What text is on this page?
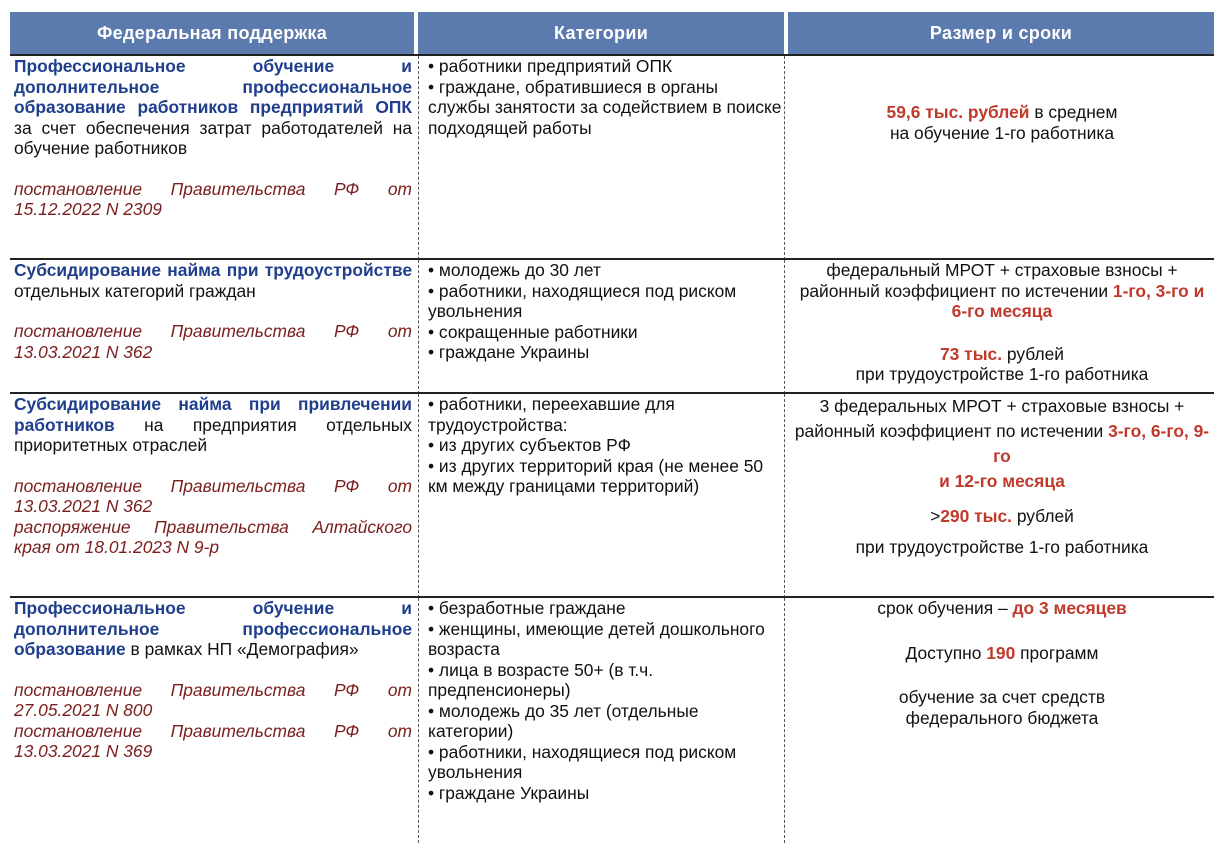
Федеральная поддержка	Категории	Размер и сроки

Профессиональное обучение и дополнительное профессиональное образование работников предприятий ОПК за счет обеспечения затрат работодателей на обучение работников

постановление Правительства РФ от 15.12.2022 N 2309

• работники предприятий ОПК

• граждане, обратившиеся в органы службы занятости за содействием в поиске подходящей работы

59,6 тыс. рублей в среднем

на обучение 1-го работника

Субсидирование найма при трудоустройстве отдельных категорий граждан

постановление Правительства РФ от 13.03.2021 N 362

• молодежь до 30 лет

• работники, находящиеся под риском увольнения

• сокращенные работники

• граждане Украины

федеральный МРОТ + страховые взносы + районный коэффициент по истечении 1-го, 3-го и 6-го месяца

73 тыс. рублей

при трудоустройстве 1-го работника

Субсидирование найма при привлечении работников на предприятия отдельных приоритетных отраслей

постановление Правительства РФ от 13.03.2021 N 362
распоряжение Правительства Алтайского края от 18.01.2023 N 9-р

• работники, переехавшие для трудоустройства:

• из других субъектов РФ

• из других территорий края (не менее 50 км между границами территорий)

3 федеральных МРОТ + страховые взносы + районный коэффициент по истечении 3-го, 6-го, 9-го

и 12-го месяца

>290 тыс. рублей

при трудоустройстве 1-го работника

Профессиональное обучение и дополнительное профессиональное образование в рамках НП «Демография»

постановление Правительства РФ от 27.05.2021 N 800
постановление Правительства РФ от 13.03.2021 N 369

• безработные граждане

• женщины, имеющие детей дошкольного возраста

• лица в возрасте 50+ (в т.ч. предпенсионеры)

• молодежь до 35 лет (отдельные категории)

• работники, находящиеся под риском увольнения

• граждане Украины

срок обучения – до 3 месяцев

Доступно 190 программ

обучение за счет средств федерального бюджета
